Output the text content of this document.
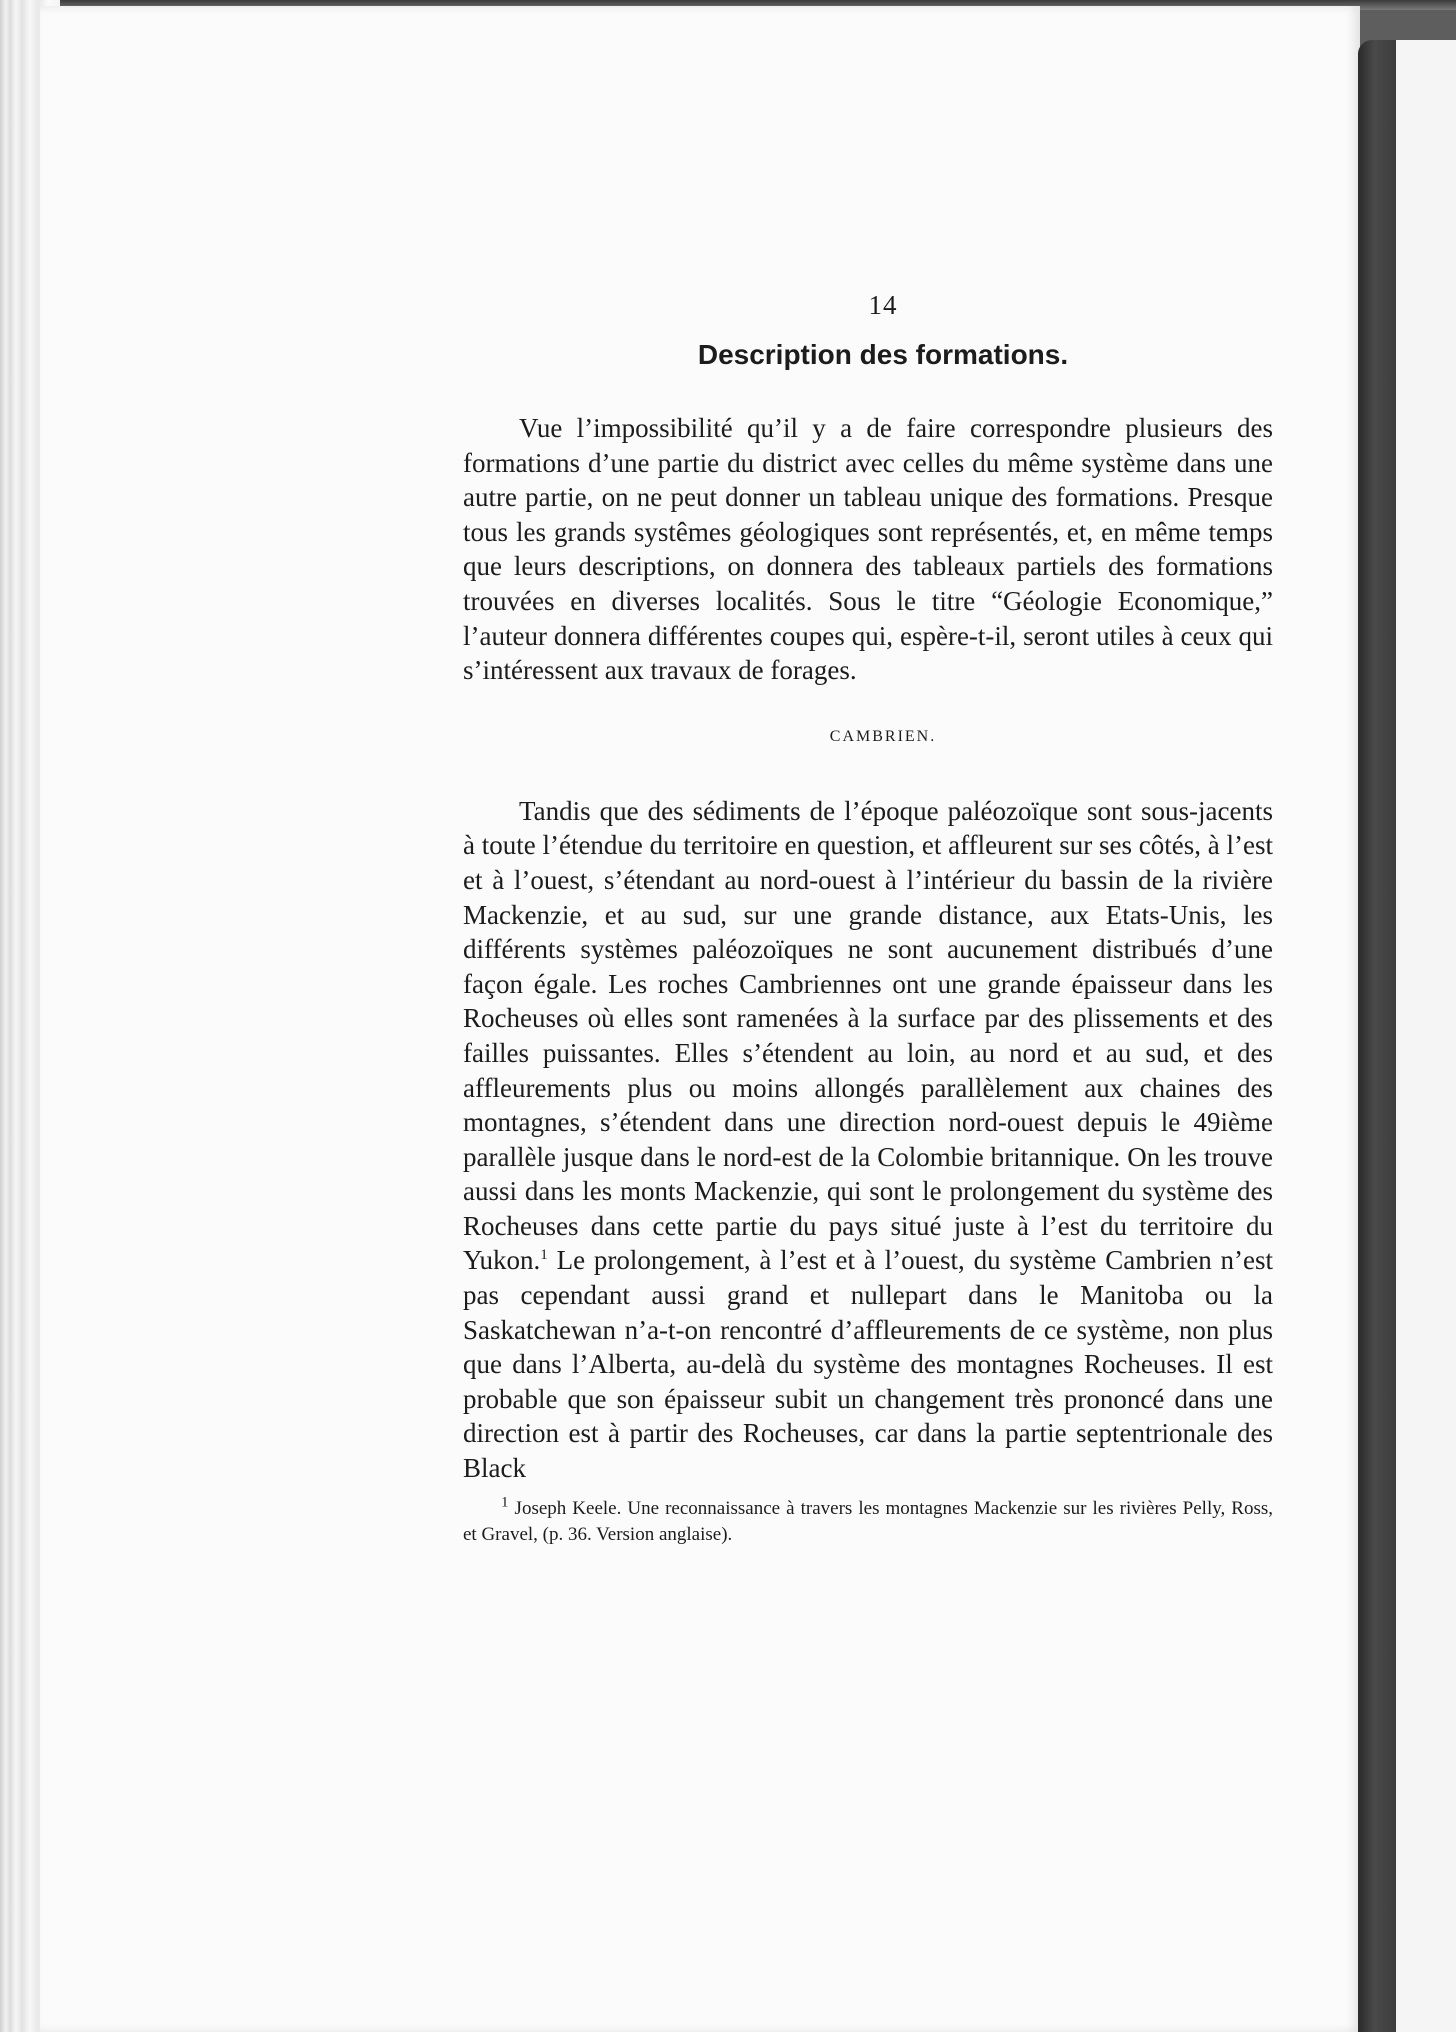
14
Description des formations.

Vue l’impossibilité qu’il y a de faire correspondre plusieurs des formations d’une partie du district avec celles du même système dans une autre partie, on ne peut donner un tableau unique des formations. Presque tous les grands systêmes géologiques sont représentés, et, en même temps que leurs descriptions, on donnera des tableaux partiels des formations trouvées en diverses localités. Sous le titre “Géologie Economique,” l’auteur donnera différentes coupes qui, espère-t-il, seront utiles à ceux qui s’intéressent aux travaux de forages.

CAMBRIEN.

Tandis que des sédiments de l’époque paléozoïque sont sous-jacents à toute l’étendue du territoire en question, et affleurent sur ses côtés, à l’est et à l’ouest, s’étendant au nord-ouest à l’intérieur du bassin de la rivière Mackenzie, et au sud, sur une grande distance, aux Etats-Unis, les différents systèmes paléozoïques ne sont aucunement distribués d’une façon égale. Les roches Cambriennes ont une grande épaisseur dans les Rocheuses où elles sont ramenées à la surface par des plissements et des failles puissantes. Elles s’étendent au loin, au nord et au sud, et des affleurements plus ou moins allongés parallèlement aux chaines des montagnes, s’étendent dans une direction nord-ouest depuis le 49ième parallèle jusque dans le nord-est de la Colombie britannique. On les trouve aussi dans les monts Mackenzie, qui sont le prolongement du système des Rocheuses dans cette partie du pays situé juste à l’est du territoire du Yukon.$^1$ Le prolongement, à l’est et à l’ouest, du système Cambrien n’est pas cependant aussi grand et nullepart dans le Manitoba ou la Saskatchewan n’a-t-on rencontré d’affleurements de ce système, non plus que dans l’Alberta, au-delà du système des montagnes Rocheuses. Il est probable que son épaisseur subit un changement très prononcé dans une direction est à partir des Rocheuses, car dans la partie septentrionale des Black

$^1$ Joseph Keele. Une reconnaissance à travers les montagnes Mackenzie sur les rivières Pelly, Ross, et Gravel, (p. 36. Version anglaise).
